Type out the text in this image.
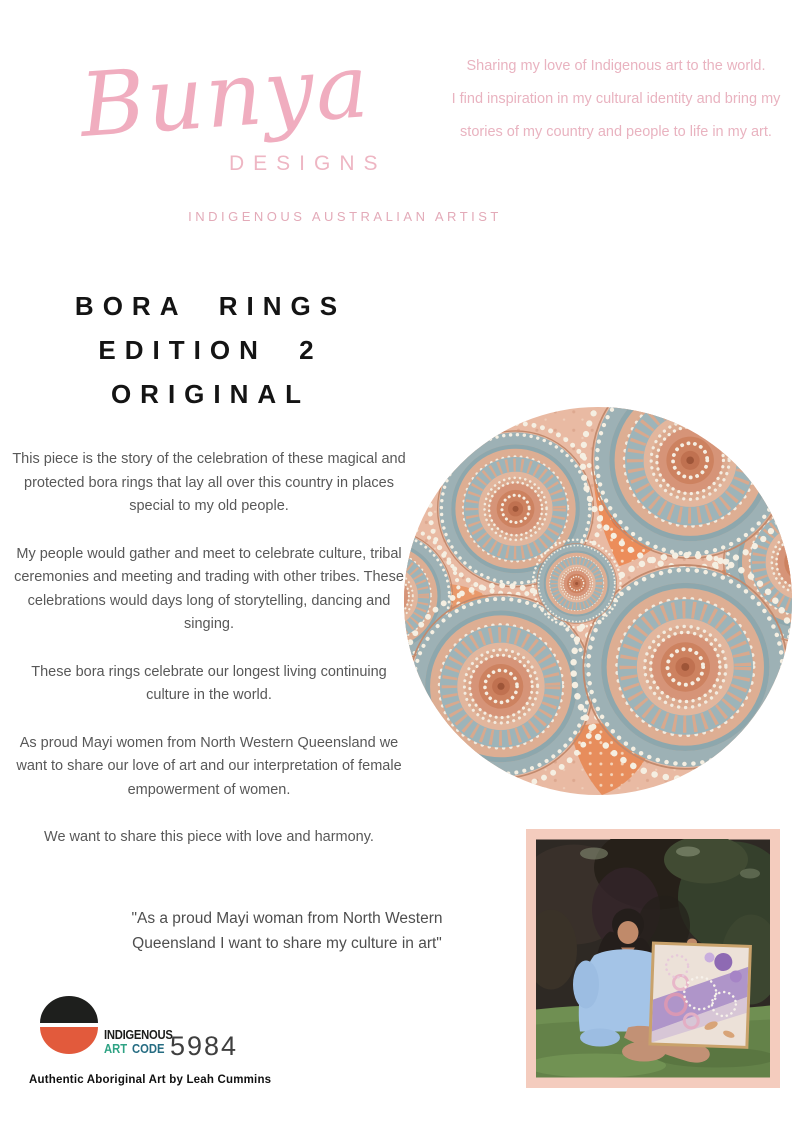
Bunya
DESIGNS
INDIGENOUS AUSTRALIAN ARTIST
Sharing my love of Indigenous art to the world.
I find inspiration in my cultural identity and bring my
stories of my country and people to life in my art.
BORA RINGS
EDITION 2
ORIGINAL

This piece is the story of the celebration of these magical and protected bora rings that lay all over this country in places special to my old people.

My people would gather and meet to celebrate culture, tribal ceremonies and meeting and trading with other tribes. These celebrations would days long of storytelling, dancing and singing.

These bora rings celebrate our longest living continuing culture in the world.

As proud Mayi women from North Western Queensland we want to share our love of art and our interpretation of female empowerment of women.

We want to share this piece with love and harmony.

"As a proud Mayi woman from North Western Queensland I want to share my culture in art"
INDIGENOUS
ART CODE 5984
Authentic Aboriginal Art by Leah Cummins
